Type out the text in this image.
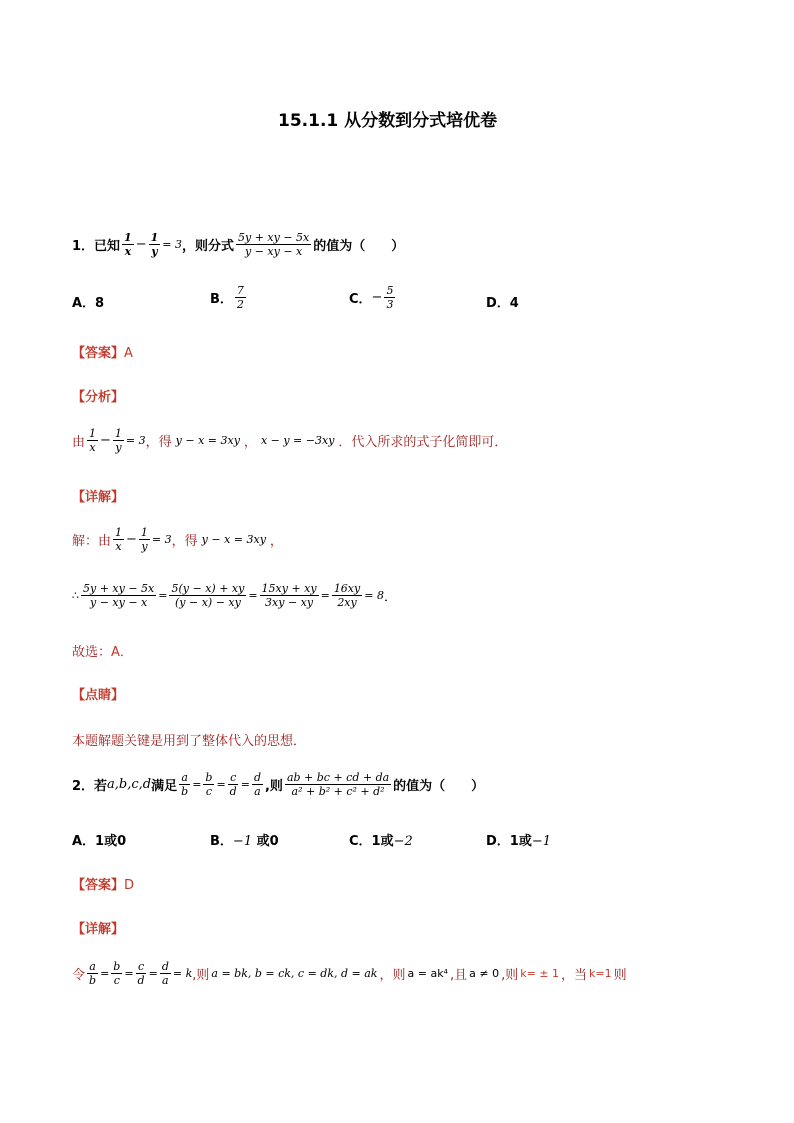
15.1.1 从分数到分式培优卷
1．已知 $\frac{1}{x} - \frac{1}{y} = 3$ ，则分式 $\frac{5y + xy - 5x}{y - xy - x}$ 的值为（　　）
A．8	B． $\frac{7}{2}$	C． − $\frac{5}{3}$	D．4
【答案】A
【分析】
由 $\frac{1}{x} - \frac{1}{y} = 3$ ，得 y − x = 3xy ， x − y = −3xy ．代入所求的式子化简即可．
【详解】
解：由 $\frac{1}{x} - \frac{1}{y} = 3$ ，得 y − x = 3xy ，
∴ $\frac{5y + xy - 5x}{y - xy - x} = \frac{5(y - x) + xy}{(y - x) - xy} = \frac{15xy + xy}{3xy - xy} = \frac{16xy}{2xy} = 8$ ．
故选：A．
【点睛】
本题解题关键是用到了整体代入的思想．
2．若 a,b,c,d 满足 $\frac{a}{b} = \frac{b}{c} = \frac{c}{d} = \frac{d}{a}$ ,则 $\frac{ab + bc + cd + da}{\text{a² + b² + c² + d²}}$ 的值为（　　）
A．1或0	B．−1 或0	C．1或−2	D．1或−1
【答案】D
【详解】
令 $\frac{a}{b} = \frac{b}{c} = \frac{c}{d} = \frac{d}{a} = k$ ,则 a = bk, b = ck, c = dk, d = ak ，则 a = ak⁴ ,且 a ≠ 0 ,则 k= ± 1 ，当 k=1 则
